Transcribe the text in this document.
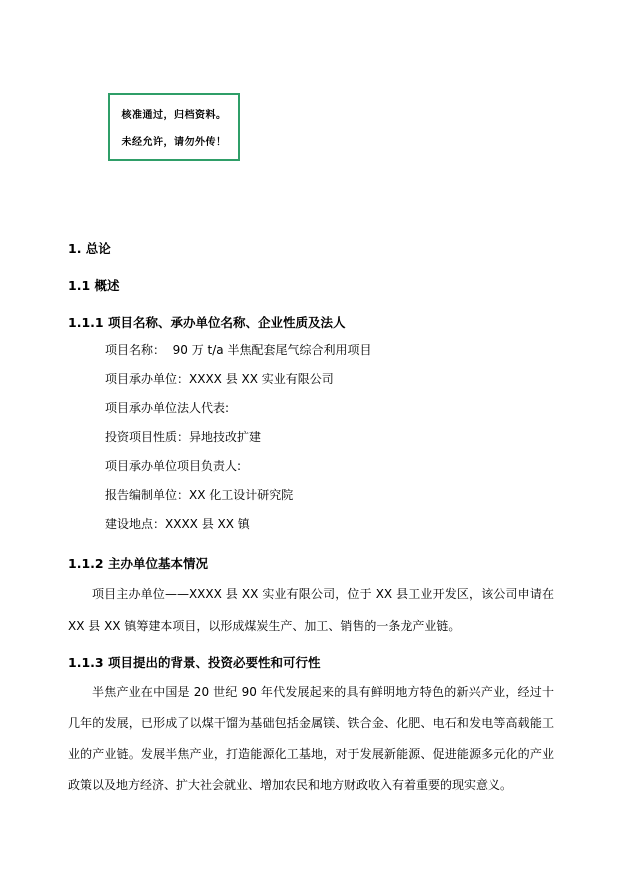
核准通过，归档资料。
未经允许，请勿外传！
1. 总论
1.1 概述
1.1.1 项目名称、承办单位名称、企业性质及法人
项目名称：  90 万 t/a 半焦配套尾气综合利用项目
项目承办单位：XXXX 县 XX 实业有限公司
项目承办单位法人代表:
投资项目性质：异地技改扩建
项目承办单位项目负责人:
报告编制单位：XX 化工设计研究院
建设地点：XXXX 县 XX 镇
1.1.2 主办单位基本情况
项目主办单位——XXXX 县 XX 实业有限公司，位于 XX 县工业开发区，该公司申请在 XX 县 XX 镇筹建本项目，以形成煤炭生产、加工、销售的一条龙产业链。
1.1.3 项目提出的背景、投资必要性和可行性
半焦产业在中国是 20 世纪 90 年代发展起来的具有鲜明地方特色的新兴产业，经过十几年的发展，已形成了以煤干馏为基础包括金属镁、铁合金、化肥、电石和发电等高载能工业的产业链。发展半焦产业，打造能源化工基地，对于发展新能源、促进能源多元化的产业政策以及地方经济、扩大社会就业、增加农民和地方财政收入有着重要的现实意义。
